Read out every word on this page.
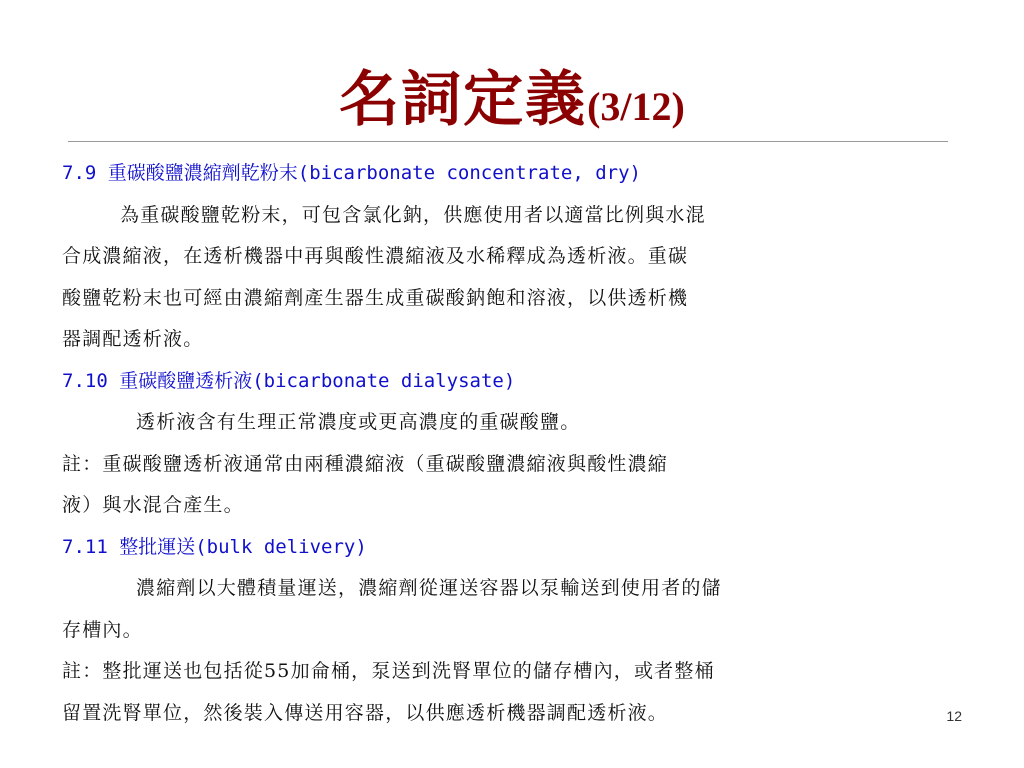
名詞定義(3/12)
7.9 重碳酸鹽濃縮劑乾粉末(bicarbonate concentrate, dry)
為重碳酸鹽乾粉末，可包含氯化鈉，供應使用者以適當比例與水混
合成濃縮液，在透析機器中再與酸性濃縮液及水稀釋成為透析液。重碳
酸鹽乾粉末也可經由濃縮劑產生器生成重碳酸鈉飽和溶液，以供透析機
器調配透析液。
7.10 重碳酸鹽透析液(bicarbonate dialysate)
透析液含有生理正常濃度或更高濃度的重碳酸鹽。
註：重碳酸鹽透析液通常由兩種濃縮液（重碳酸鹽濃縮液與酸性濃縮
液）與水混合產生。
7.11 整批運送(bulk delivery)
濃縮劑以大體積量運送，濃縮劑從運送容器以泵輸送到使用者的儲
存槽內。
註：整批運送也包括從55加侖桶，泵送到洗腎單位的儲存槽內，或者整桶
留置洗腎單位，然後裝入傳送用容器，以供應透析機器調配透析液。	12
